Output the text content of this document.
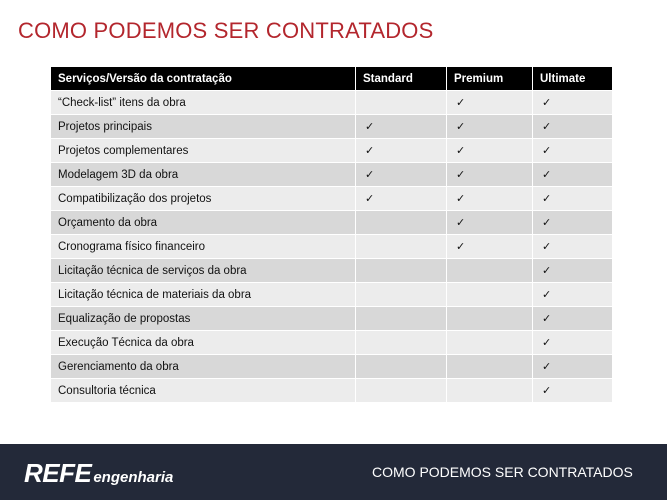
COMO PODEMOS SER CONTRATADOS
Serviços/Versão da contratação	Standard	Premium	Ultimate
“Check-list” itens da obra		✓	✓
Projetos principais	✓	✓	✓
Projetos complementares	✓	✓	✓
Modelagem 3D da obra	✓	✓	✓
Compatibilização dos projetos	✓	✓	✓
Orçamento da obra		✓	✓
Cronograma físico financeiro		✓	✓
Licitação técnica de serviços da obra			✓
Licitação técnica de materiais da obra			✓
Equalização de propostas			✓
Execução Técnica da obra			✓
Gerenciamento da obra			✓
Consultoria técnica			✓
REFE engenharia	COMO PODEMOS SER CONTRATADOS
